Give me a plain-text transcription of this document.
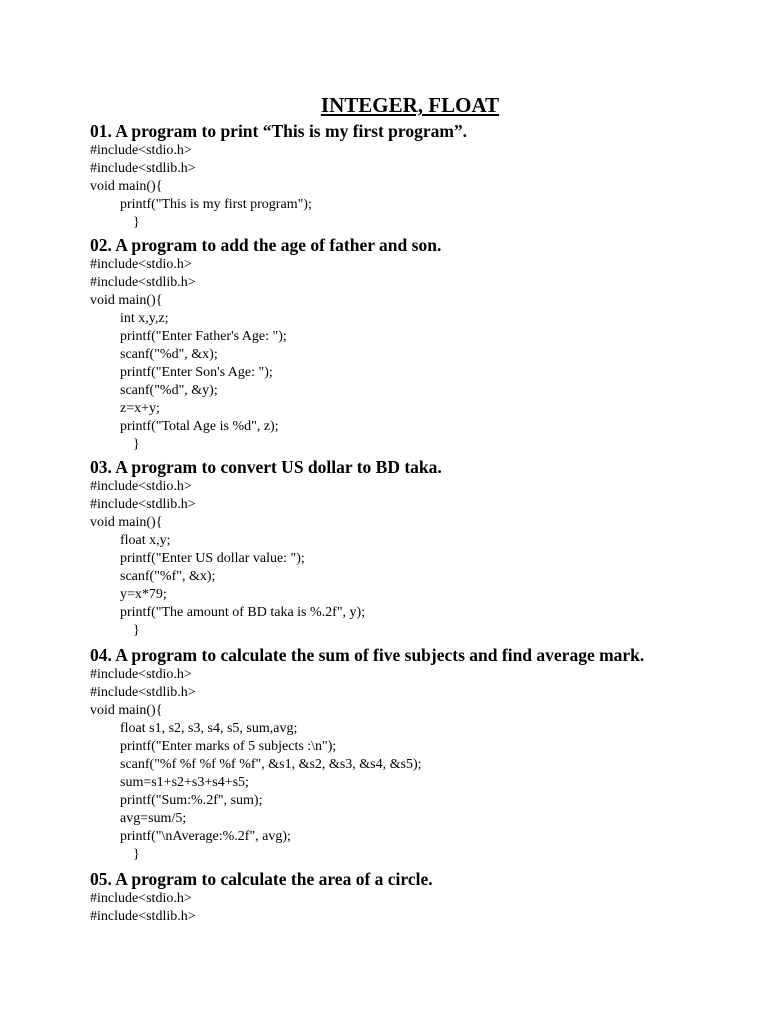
INTEGER, FLOAT
01. A program to print “This is my first program”.
#include<stdio.h>
#include<stdlib.h>
void main(){
printf("This is my first program");
}
02. A program to add the age of father and son.
#include<stdio.h>
#include<stdlib.h>
void main(){
int x,y,z;
printf("Enter Father's Age: ");
scanf("%d", &x);
printf("Enter Son's Age: ");
scanf("%d", &y);
z=x+y;
printf("Total Age is %d", z);
}
03. A program to convert US dollar to BD taka.
#include<stdio.h>
#include<stdlib.h>
void main(){
float x,y;
printf("Enter US dollar value: ");
scanf("%f", &x);
y=x*79;
printf("The amount of BD taka is %.2f", y);
}
04. A program to calculate the sum of five subjects and find average mark.
#include<stdio.h>
#include<stdlib.h>
void main(){
float s1, s2, s3, s4, s5, sum,avg;
printf("Enter marks of 5 subjects :\n");
scanf("%f %f %f %f %f", &s1, &s2, &s3, &s4, &s5);
sum=s1+s2+s3+s4+s5;
printf("Sum:%.2f", sum);
avg=sum/5;
printf("\nAverage:%.2f", avg);
}
05. A program to calculate the area of a circle.
#include<stdio.h>
#include<stdlib.h>
